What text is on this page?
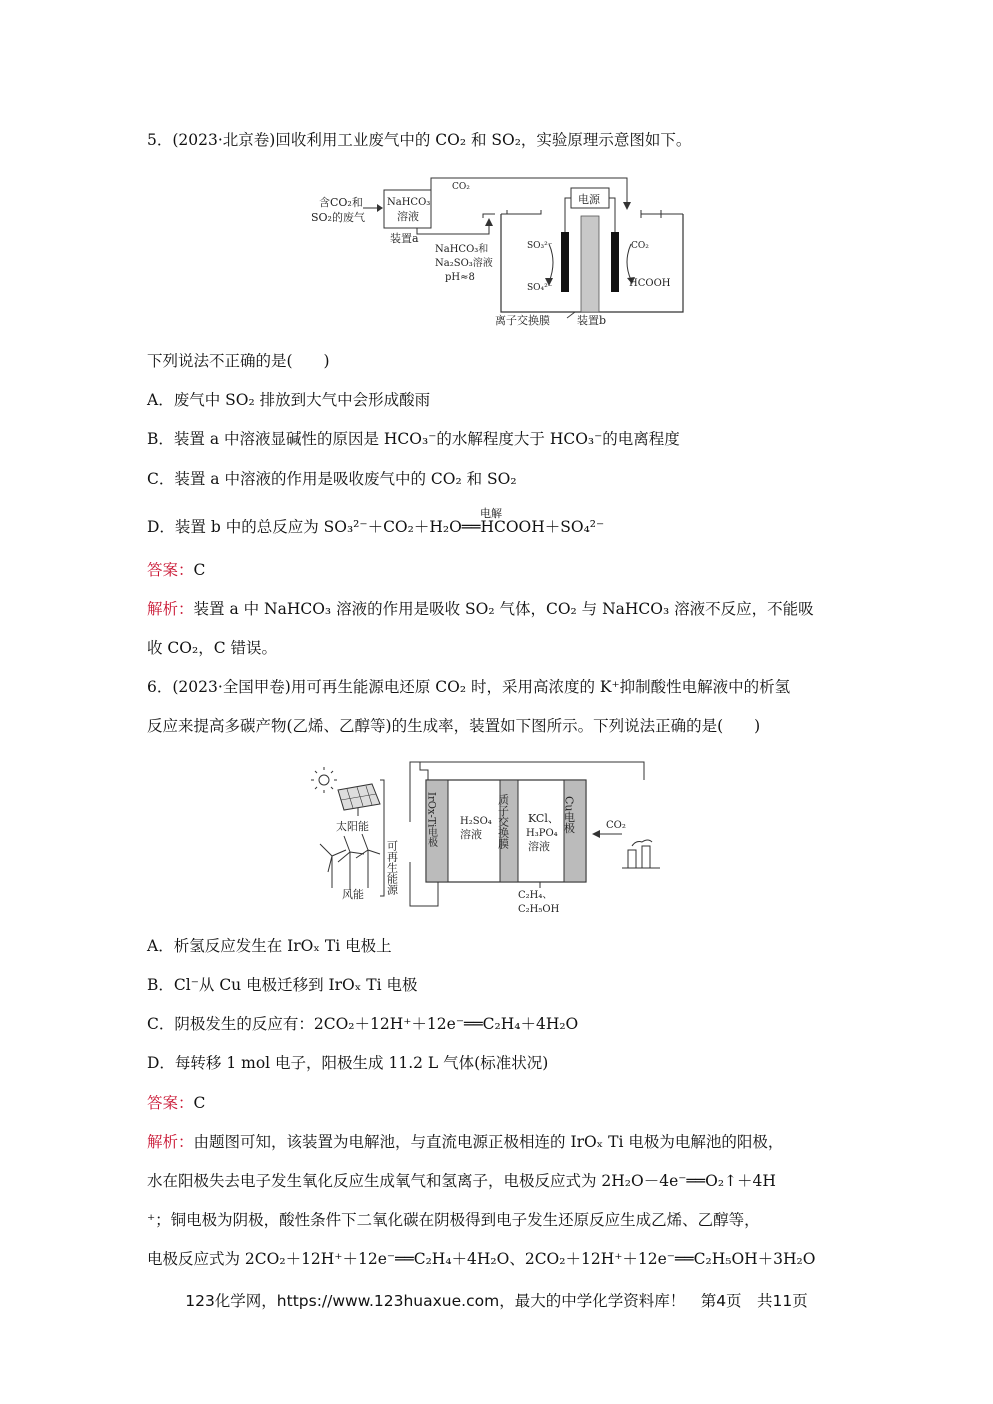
5．(2023·北京卷)回收利用工业废气中的 CO₂ 和 SO₂，实验原理示意图如下。
含CO₂和
SO₂的废气
NaHCO₃
溶液
装置a
CO₂
NaHCO₃和
Na₂SO₃溶液
pH≈8
电源
SO₃²⁻
SO₄²⁻
CO₂
HCOOH
离子交换膜 装置b
下列说法不正确的是(　　)
A．废气中 SO₂ 排放到大气中会形成酸雨
B．装置 a 中溶液显碱性的原因是 HCO₃⁻的水解程度大于 HCO₃⁻的电离程度
C．装置 a 中溶液的作用是吸收废气中的 CO₂ 和 SO₂
电解
D．装置 b 中的总反应为 SO₃²⁻＋CO₂＋H₂O══HCOOH＋SO₄²⁻
答案：C
解析：装置 a 中 NaHCO₃ 溶液的作用是吸收 SO₂ 气体，CO₂ 与 NaHCO₃ 溶液不反应，不能吸
收 CO₂，C 错误。
6．(2023·全国甲卷)用可再生能源电还原 CO₂ 时，采用高浓度的 K⁺抑制酸性电解液中的析氢
反应来提高多碳产物(乙烯、乙醇等)的生成率，装置如下图所示。下列说法正确的是(　　)
太阳能
风能 可再生能源
IrOx-Ti电极 H₂SO₄
溶液 质子交换膜 KCl、
H₃PO₄
溶液
Cu电极	CO₂
C₂H₄、
C₂H₅OH
A．析氢反应发生在 IrOₓ Ti 电极上
B．Cl⁻从 Cu 电极迁移到 IrOₓ Ti 电极
C．阴极发生的反应有：2CO₂＋12H⁺＋12e⁻══C₂H₄＋4H₂O
D．每转移 1 mol 电子，阳极生成 11.2 L 气体(标准状况)
答案：C
解析：由题图可知，该装置为电解池，与直流电源正极相连的 IrOₓ Ti 电极为电解池的阳极，
水在阳极失去电子发生氧化反应生成氧气和氢离子，电极反应式为 2H₂O－4e⁻══O₂↑＋4H
⁺；铜电极为阴极，酸性条件下二氧化碳在阴极得到电子发生还原反应生成乙烯、乙醇等，
电极反应式为 2CO₂＋12H⁺＋12e⁻══C₂H₄＋4H₂O、2CO₂＋12H⁺＋12e⁻══C₂H₅OH＋3H₂O
123化学网，https://www.123huaxue.com，最大的中学化学资料库！　第4页　共11页
